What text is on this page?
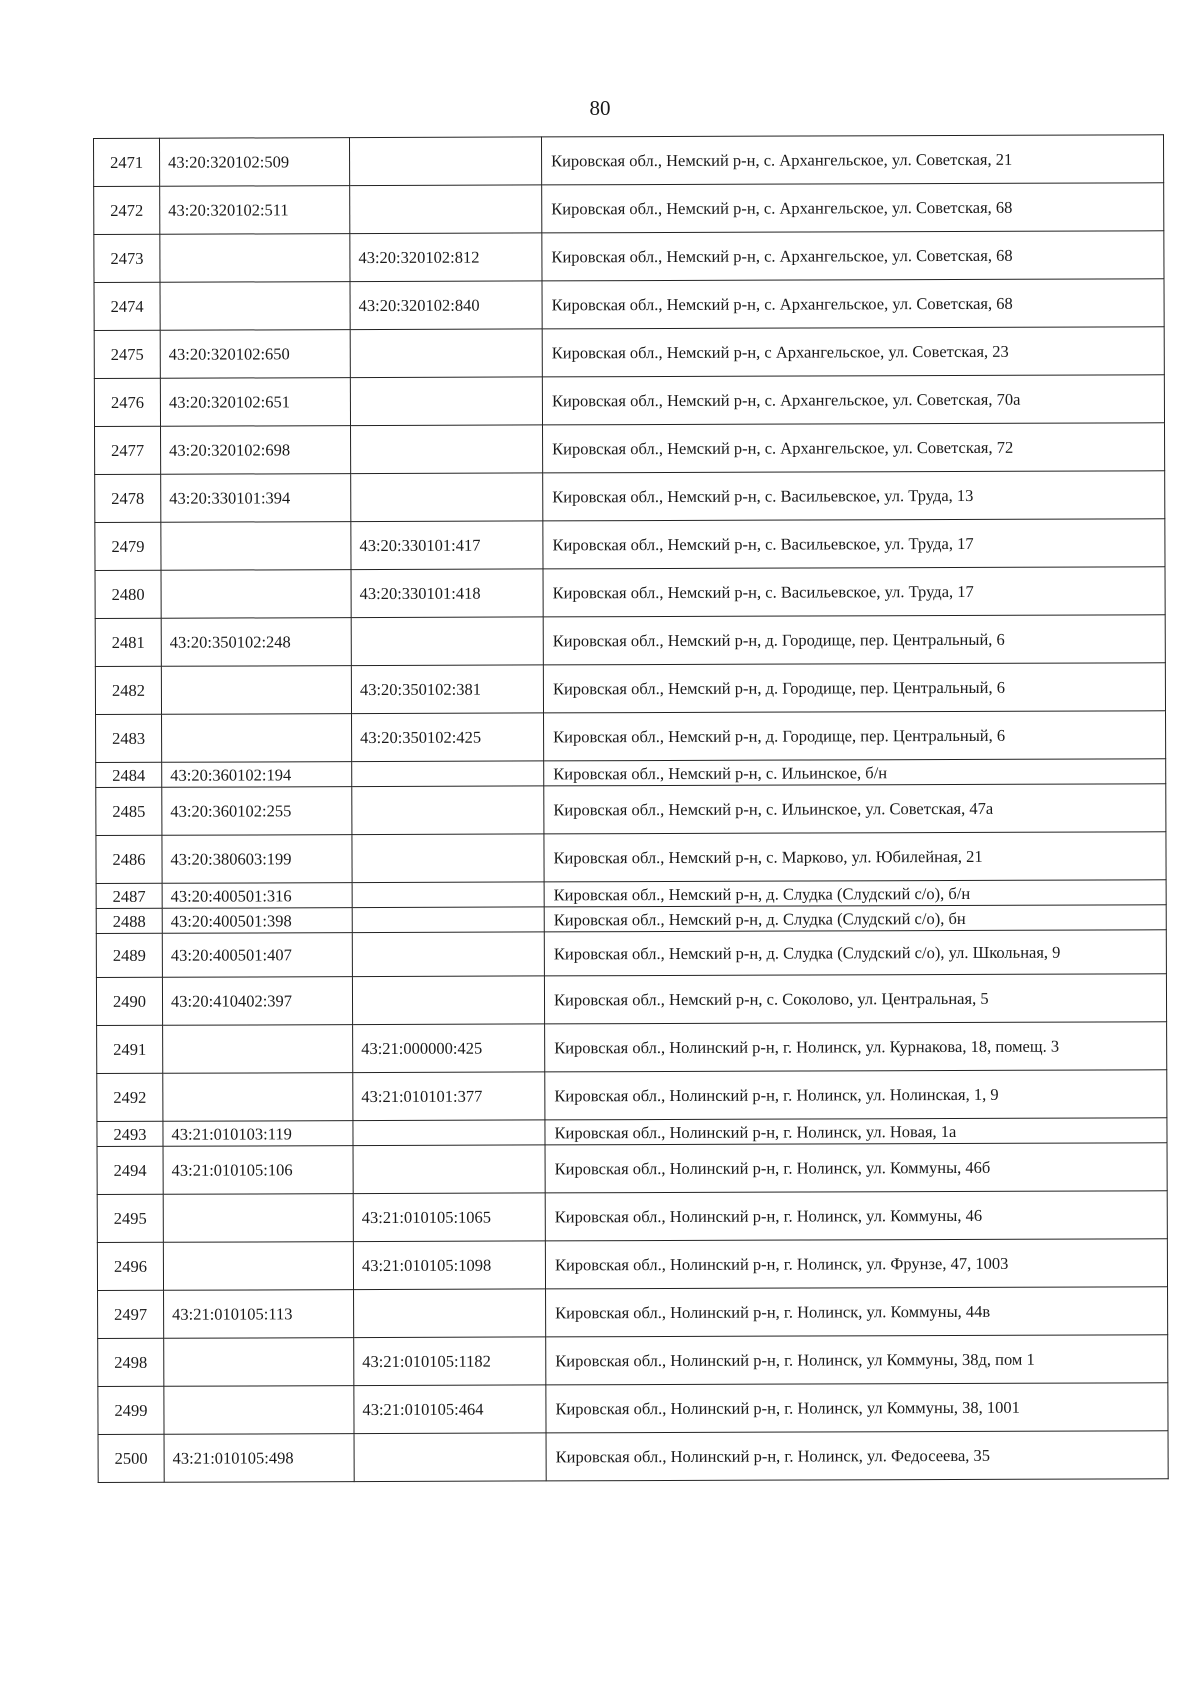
80
2471	43:20:320102:509		Кировская обл., Немский р-н, с. Архангельское, ул. Советская, 21
2472	43:20:320102:511		Кировская обл., Немский р-н, с. Архангельское, ул. Советская, 68
2473		43:20:320102:812	Кировская обл., Немский р-н, с. Архангельское, ул. Советская, 68
2474		43:20:320102:840	Кировская обл., Немский р-н, с. Архангельское, ул. Советская, 68
2475	43:20:320102:650		Кировская обл., Немский р-н, с Архангельское, ул. Советская, 23
2476	43:20:320102:651		Кировская обл., Немский р-н, с. Архангельское, ул. Советская, 70а
2477	43:20:320102:698		Кировская обл., Немский р-н, с. Архангельское, ул. Советская, 72
2478	43:20:330101:394		Кировская обл., Немский р-н, с. Васильевское, ул. Труда, 13
2479		43:20:330101:417	Кировская обл., Немский р-н, с. Васильевское, ул. Труда, 17
2480		43:20:330101:418	Кировская обл., Немский р-н, с. Васильевское, ул. Труда, 17
2481	43:20:350102:248		Кировская обл., Немский р-н, д. Городище, пер. Центральный, 6
2482		43:20:350102:381	Кировская обл., Немский р-н, д. Городище, пер. Центральный, 6
2483		43:20:350102:425	Кировская обл., Немский р-н, д. Городище, пер. Центральный, 6
2484	43:20:360102:194		Кировская обл., Немский р-н, с. Ильинское, б/н
2485	43:20:360102:255		Кировская обл., Немский р-н, с. Ильинское, ул. Советская, 47а
2486	43:20:380603:199		Кировская обл., Немский р-н, с. Марково, ул. Юбилейная, 21
2487	43:20:400501:316		Кировская обл., Немский р-н, д. Слудка (Слудский с/о), б/н
2488	43:20:400501:398		Кировская обл., Немский р-н, д. Слудка (Слудский с/о), бн
2489	43:20:400501:407		Кировская обл., Немский р-н, д. Слудка (Слудский с/о), ул. Школьная, 9
2490	43:20:410402:397		Кировская обл., Немский р-н, с. Соколово, ул. Центральная, 5
2491		43:21:000000:425	Кировская обл., Нолинский р-н, г. Нолинск, ул. Курнакова, 18, помещ. 3
2492		43:21:010101:377	Кировская обл., Нолинский р-н, г. Нолинск, ул. Нолинская, 1, 9
2493	43:21:010103:119		Кировская обл., Нолинский р-н, г. Нолинск, ул. Новая, 1а
2494	43:21:010105:106		Кировская обл., Нолинский р-н, г. Нолинск, ул. Коммуны, 46б
2495		43:21:010105:1065	Кировская обл., Нолинский р-н, г. Нолинск, ул. Коммуны, 46
2496		43:21:010105:1098	Кировская обл., Нолинский р-н, г. Нолинск, ул. Фрунзе, 47, 1003
2497	43:21:010105:113		Кировская обл., Нолинский р-н, г. Нолинск, ул. Коммуны, 44в
2498		43:21:010105:1182	Кировская обл., Нолинский р-н, г. Нолинск, ул Коммуны, 38д, пом 1
2499		43:21:010105:464	Кировская обл., Нолинский р-н, г. Нолинск, ул Коммуны, 38, 1001
2500	43:21:010105:498		Кировская обл., Нолинский р-н, г. Нолинск, ул. Федосеева, 35
